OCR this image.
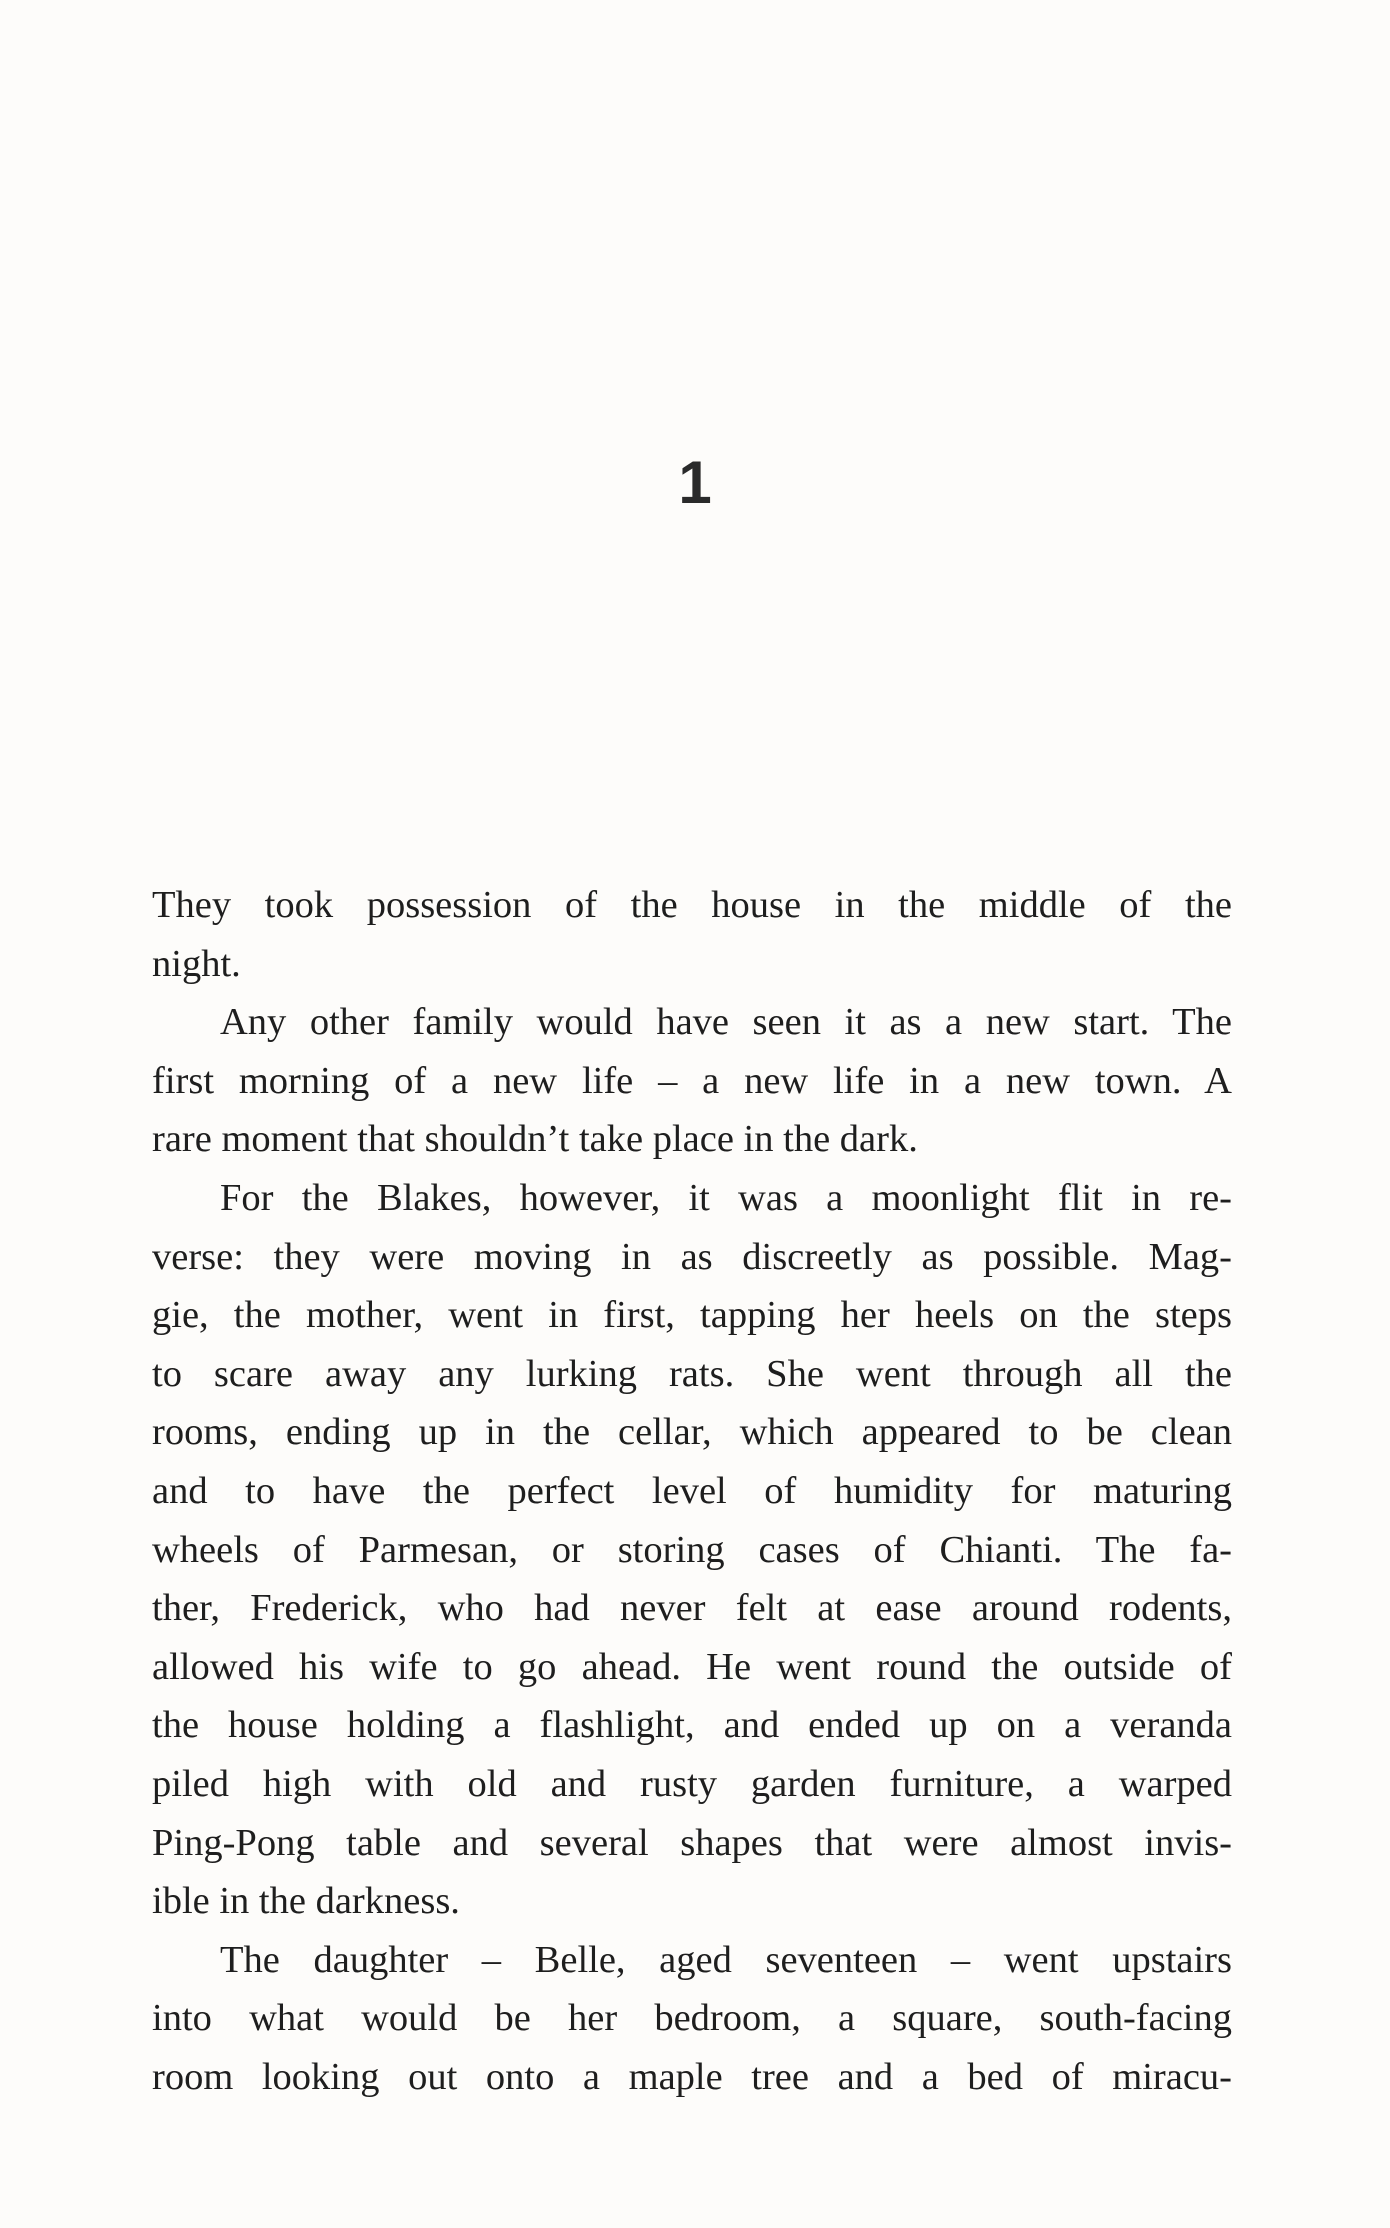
1

They took possession of the house in the middle of the
night.

Any other family would have seen it as a new start. The
first morning of a new life – a new life in a new town. A
rare moment that shouldn’t take place in the dark.

For the Blakes, however, it was a moonlight flit in re-
verse: they were moving in as discreetly as possible. Mag-
gie, the mother, went in first, tapping her heels on the steps
to scare away any lurking rats. She went through all the
rooms, ending up in the cellar, which appeared to be clean
and to have the perfect level of humidity for maturing
wheels of Parmesan, or storing cases of Chianti. The fa-
ther, Frederick, who had never felt at ease around rodents,
allowed his wife to go ahead. He went round the outside of
the house holding a flashlight, and ended up on a veranda
piled high with old and rusty garden furniture, a warped
Ping-Pong table and several shapes that were almost invis-
ible in the darkness.

The daughter – Belle, aged seventeen – went upstairs
into what would be her bedroom, a square, south-facing
room looking out onto a maple tree and a bed of miracu-
